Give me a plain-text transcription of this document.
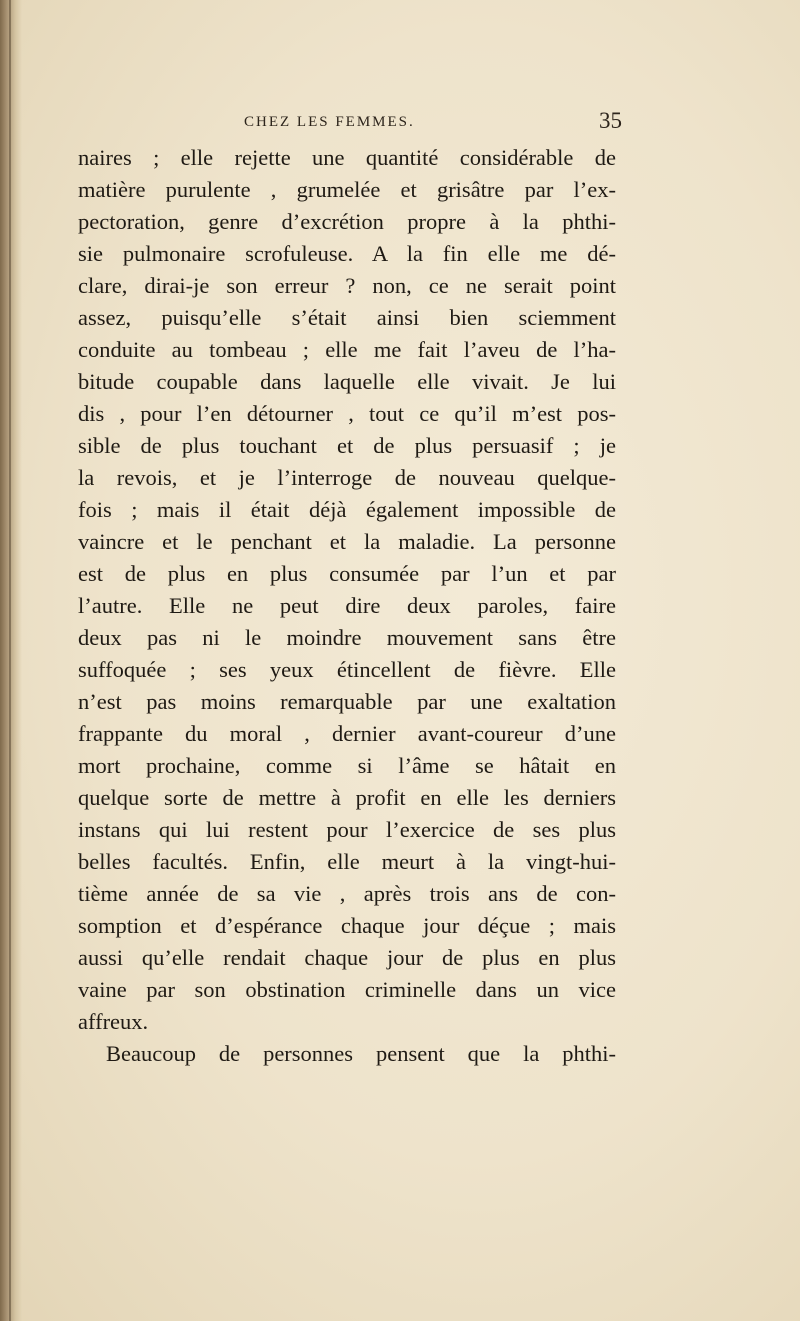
CHEZ LES FEMMES.	35
naires ; elle rejette une quantité considérable de
matière purulente , grumelée et grisâtre par l’ex-
pectoration, genre d’excrétion propre à la phthi-
sie pulmonaire scrofuleuse. A la fin elle me dé-
clare, dirai-je son erreur ? non, ce ne serait point
assez, puisqu’elle s’était ainsi bien sciemment
conduite au tombeau ; elle me fait l’aveu de l’ha-
bitude coupable dans laquelle elle vivait. Je lui
dis , pour l’en détourner , tout ce qu’il m’est pos-
sible de plus touchant et de plus persuasif ; je
la revois, et je l’interroge de nouveau quelque-
fois ; mais il était déjà également impossible de
vaincre et le penchant et la maladie. La personne
est de plus en plus consumée par l’un et par
l’autre. Elle ne peut dire deux paroles, faire
deux pas ni le moindre mouvement sans être
suffoquée ; ses yeux étincellent de fièvre. Elle
n’est pas moins remarquable par une exaltation
frappante du moral , dernier avant-coureur d’une
mort prochaine, comme si l’âme se hâtait en
quelque sorte de mettre à profit en elle les derniers
instans qui lui restent pour l’exercice de ses plus
belles facultés. Enfin, elle meurt à la vingt-hui-
tième année de sa vie , après trois ans de con-
somption et d’espérance chaque jour déçue ; mais
aussi qu’elle rendait chaque jour de plus en plus
vaine par son obstination criminelle dans un vice
affreux.
Beaucoup de personnes pensent que la phthi-
